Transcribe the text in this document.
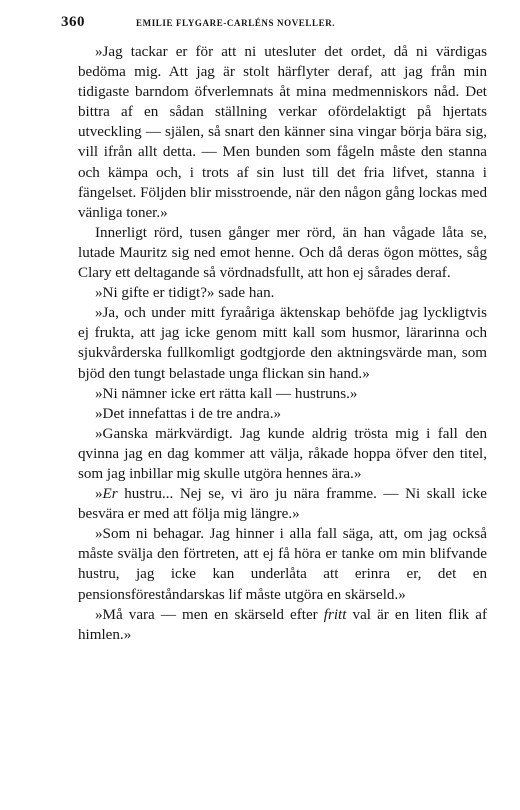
360	EMILIE FLYGARE-CARLÉNS NOVELLER.

»Jag tackar er för att ni utesluter det ordet, då ni värdigas bedöma mig. Att jag är stolt härflyter deraf, att jag från min tidigaste barndom öfverlemnats åt mina medmenniskors nåd. Det bittra af en sådan ställning verkar ofördelaktigt på hjertats utveckling — själen, så snart den känner sina vingar börja bära sig, vill ifrån allt detta. — Men bunden som fågeln måste den stanna och kämpa och, i trots af sin lust till det fria lifvet, stanna i fängelset. Följden blir misstroende, när den någon gång lockas med vänliga toner.»

Innerligt rörd, tusen gånger mer rörd, än han vågade låta se, lutade Mauritz sig ned emot henne. Och då deras ögon möttes, såg Clary ett deltagande så vördnadsfullt, att hon ej sårades deraf.

»Ni gifte er tidigt?» sade han.

»Ja, och under mitt fyraåriga äktenskap behöfde jag lyckligtvis ej frukta, att jag icke genom mitt kall som husmor, lärarinna och sjukvårderska fullkomligt godtgjorde den aktningsvärde man, som bjöd den tungt belastade unga flickan sin hand.»

»Ni nämner icke ert rätta kall — hustruns.»

»Det innefattas i de tre andra.»

»Ganska märkvärdigt. Jag kunde aldrig trösta mig i fall den qvinna jag en dag kommer att välja, råkade hoppa öfver den titel, som jag inbillar mig skulle utgöra hennes ära.»

»Er hustru... Nej se, vi äro ju nära framme. — Ni skall icke besvära er med att följa mig längre.»

»Som ni behagar. Jag hinner i alla fall säga, att, om jag också måste svälja den förtreten, att ej få höra er tanke om min blifvande hustru, jag icke kan underlåta att erinra er, det en pensionsföreståndarskas lif måste utgöra en skärseld.»

»Må vara — men en skärseld efter fritt val är en liten flik af himlen.»
